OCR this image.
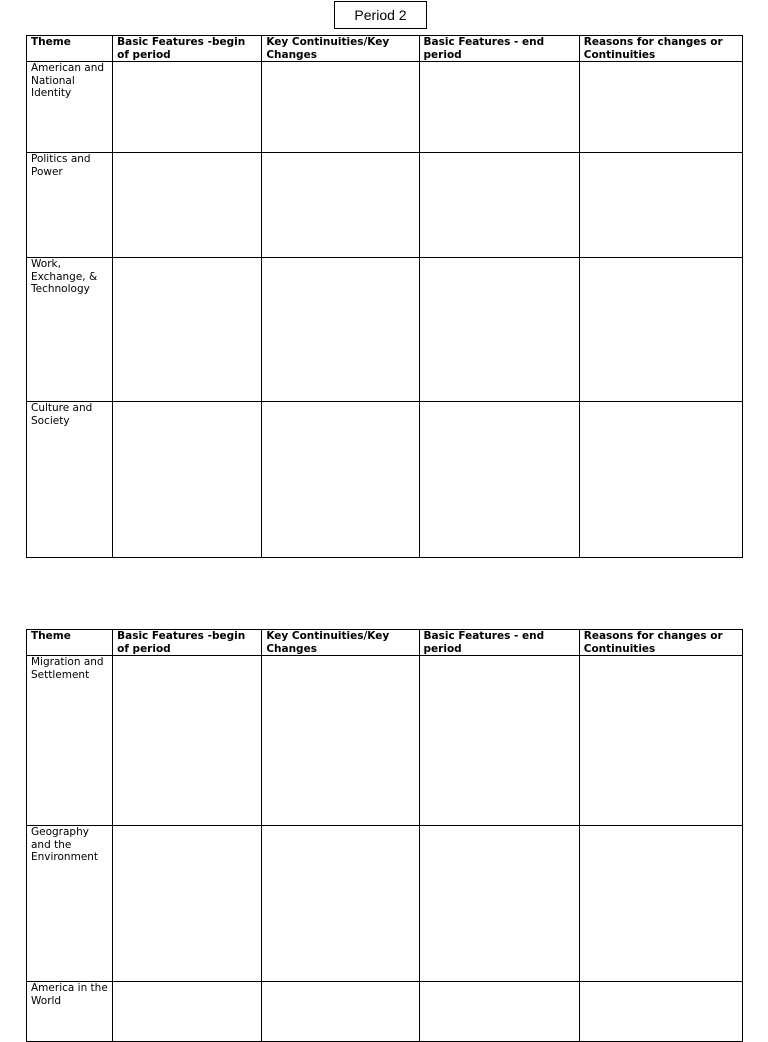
Period 2
Theme	Basic Features -begin of period	Key Continuities/Key Changes	Basic Features - end period	Reasons for changes or Continuities
American and National Identity				
Politics and Power				
Work, Exchange, & Technology				
Culture and Society				
Theme	Basic Features -begin of period	Key Continuities/Key Changes	Basic Features - end period	Reasons for changes or Continuities
Migration and Settlement				
Geography and the Environment				
America in the World				
